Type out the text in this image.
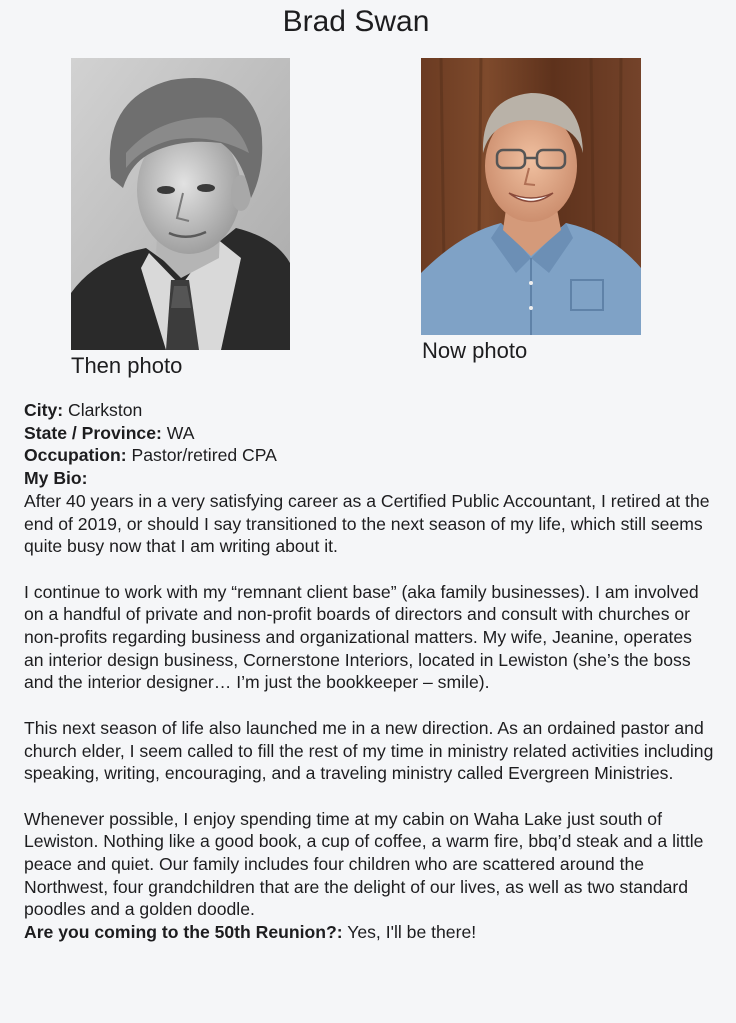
Brad Swan
Then photo
Now photo
City: Clarkston
State / Province: WA
Occupation: Pastor/retired CPA
My Bio:

After 40 years in a very satisfying career as a Certified Public Accountant, I retired at the end of 2019, or should I say transitioned to the next season of my life, which still seems quite busy now that I am writing about it.

I continue to work with my “remnant client base” (aka family businesses). I am involved on a handful of private and non-profit boards of directors and consult with churches or non-profits regarding business and organizational matters. My wife, Jeanine, operates an interior design business, Cornerstone Interiors, located in Lewiston (she’s the boss and the interior designer… I’m just the bookkeeper – smile).

This next season of life also launched me in a new direction. As an ordained pastor and church elder, I seem called to fill the rest of my time in ministry related activities including speaking, writing, encouraging, and a traveling ministry called Evergreen Ministries.

Whenever possible, I enjoy spending time at my cabin on Waha Lake just south of Lewiston. Nothing like a good book, a cup of coffee, a warm fire, bbq’d steak and a little peace and quiet. Our family includes four children who are scattered around the Northwest, four grandchildren that are the delight of our lives, as well as two standard poodles and a golden doodle.

Are you coming to the 50th Reunion?: Yes, I'll be there!
